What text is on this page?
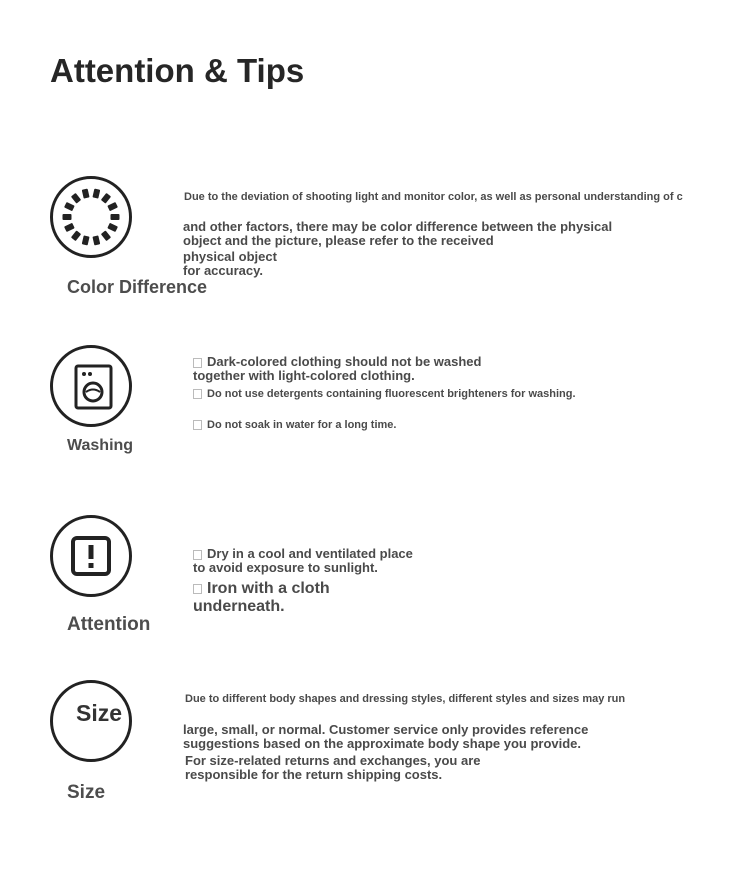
Attention & Tips
Color Difference
Due to the deviation of shooting light and monitor color, as well as personal understanding of c
and other factors, there may be color difference between the physical
object and the picture, please refer to the received
physical object
for accuracy.
Washing
Dark-colored clothing should not be washed
together with light-colored clothing.
Do not use detergents containing fluorescent brighteners for washing.
Do not soak in water for a long time.
Attention
Dry in a cool and ventilated place
to avoid exposure to sunlight.
Iron with a cloth
underneath.
Size
Size
Due to different body shapes and dressing styles, different styles and sizes may run
large, small, or normal. Customer service only provides reference
suggestions based on the approximate body shape you provide.
For size-related returns and exchanges, you are
responsible for the return shipping costs.
